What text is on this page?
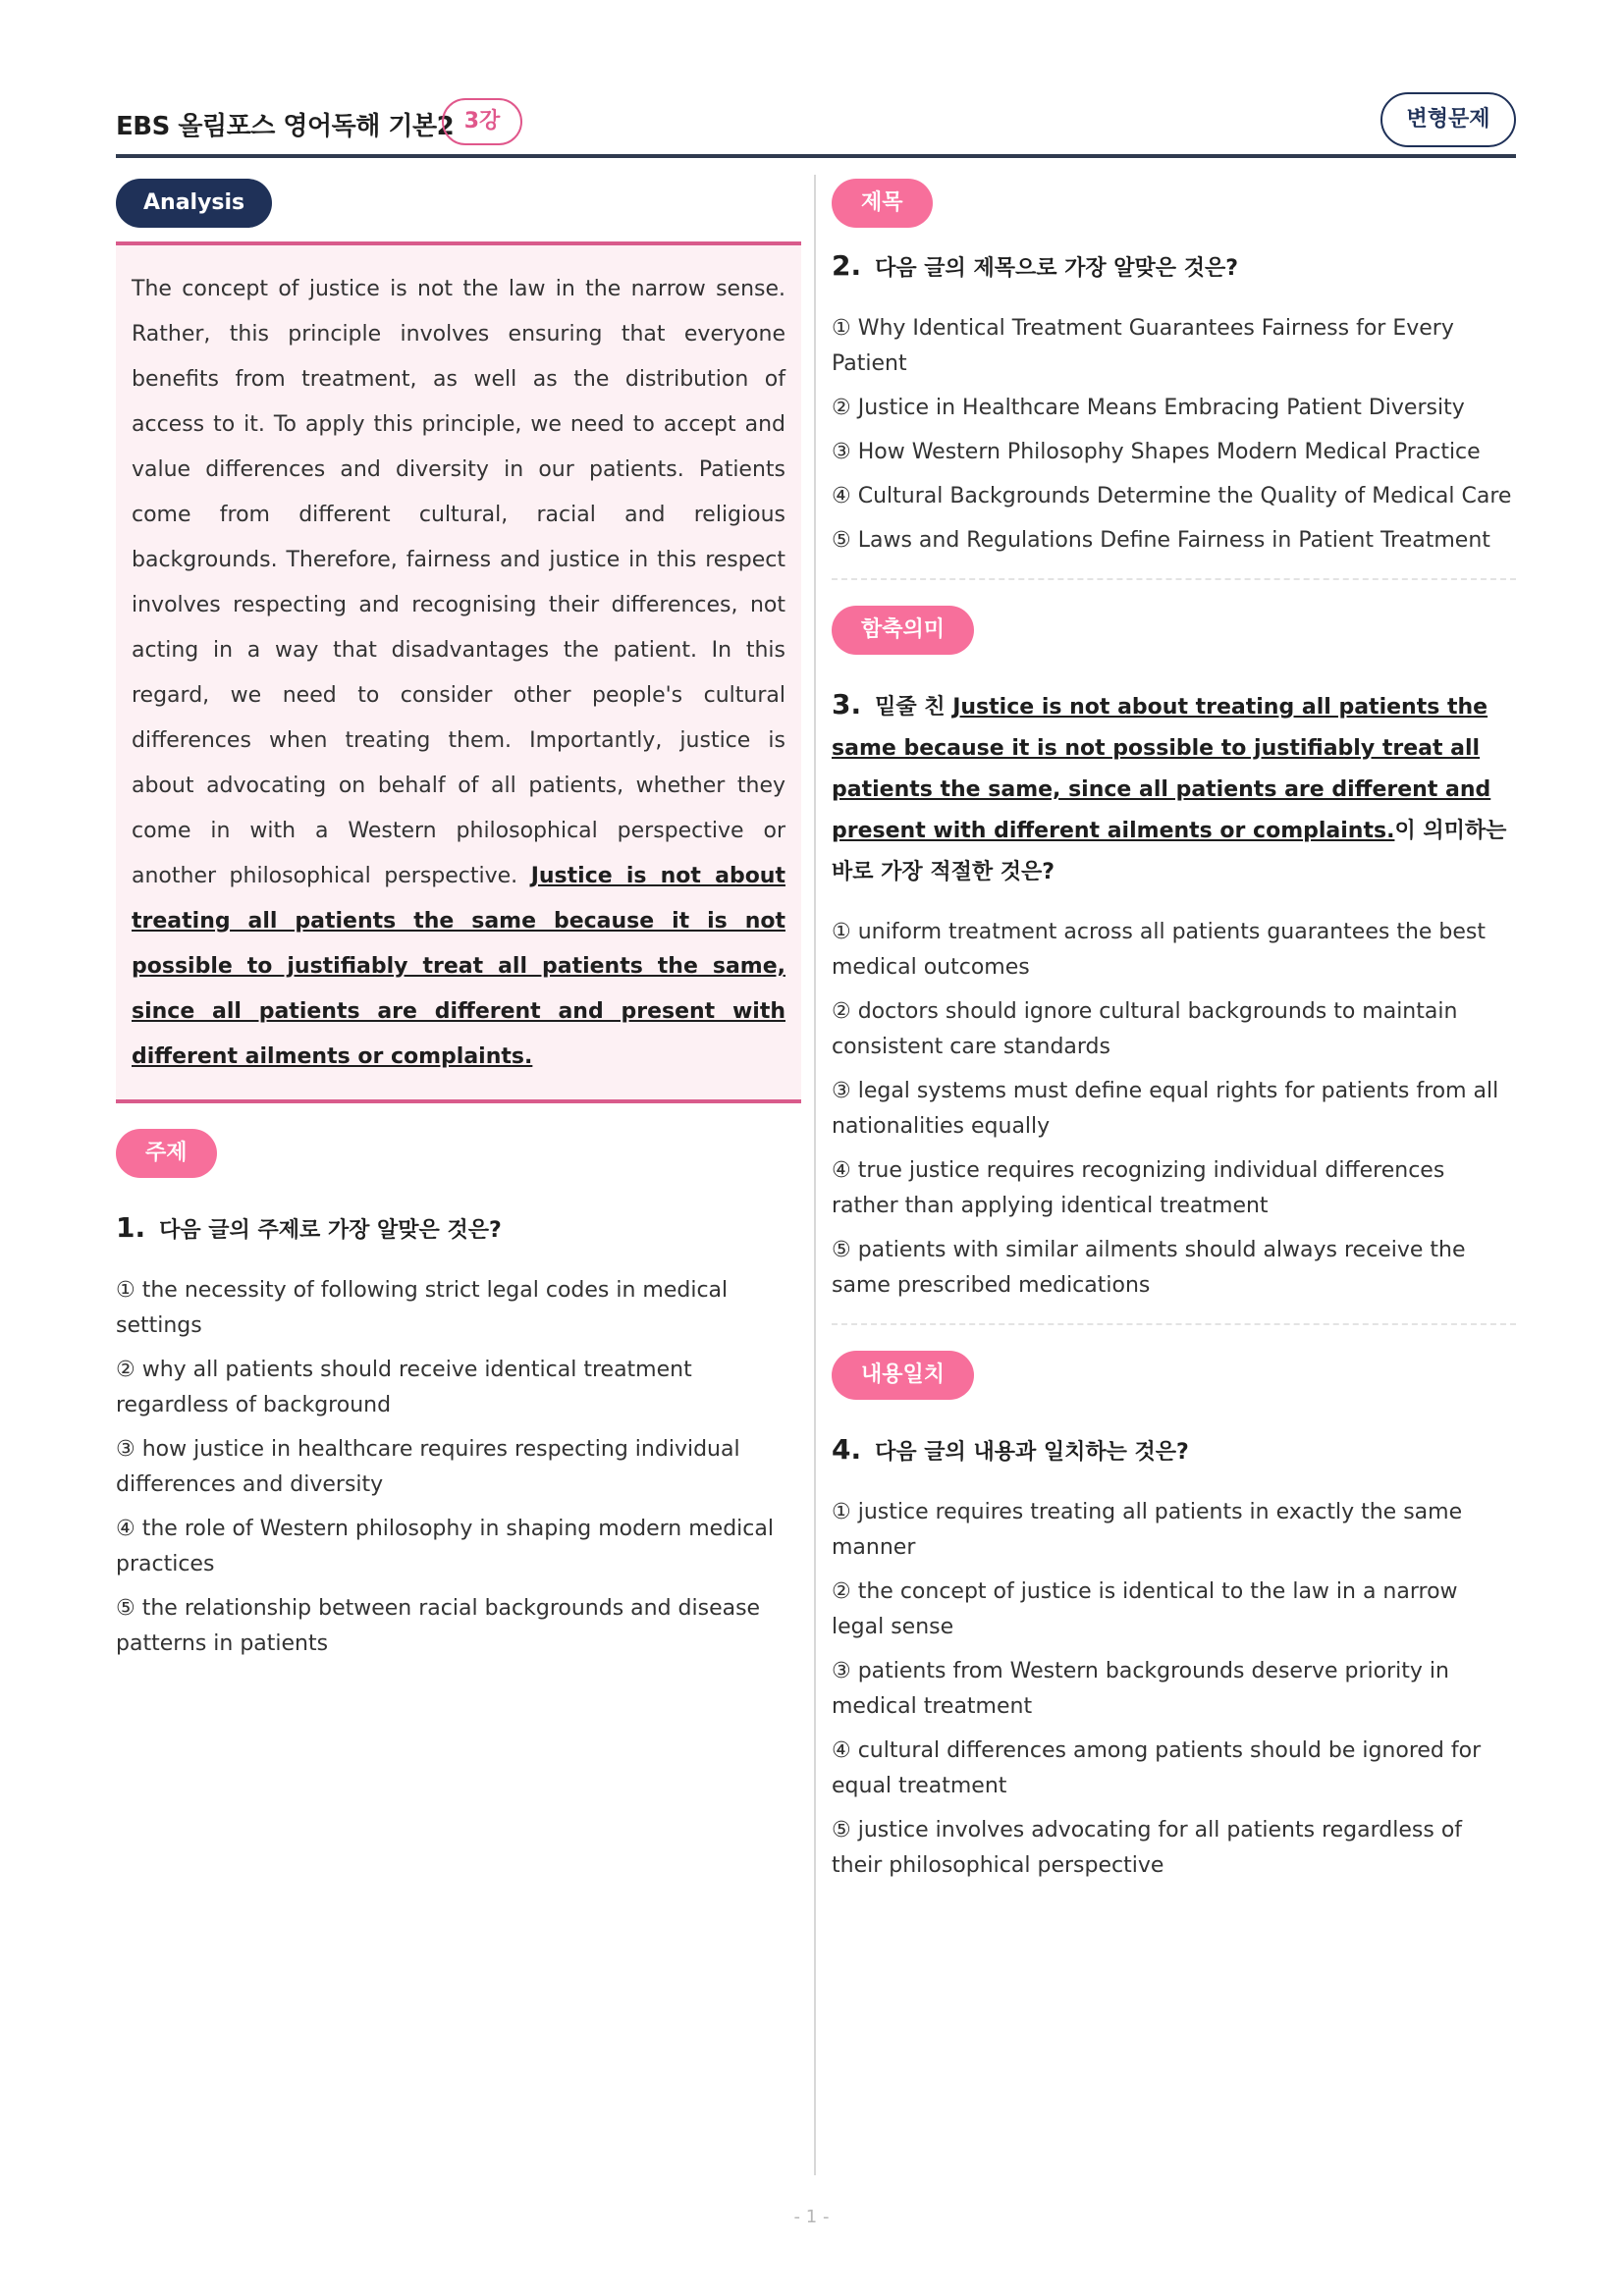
EBS 올림포스 영어독해 기본2 3강	변형문제
Analysis

The concept of justice is not the law in the narrow sense. Rather, this principle involves ensuring that everyone benefits from treatment, as well as the distribution of access to it. To apply this principle, we need to accept and value differences and diversity in our patients. Patients come from different cultural, racial and religious backgrounds. Therefore, fairness and justice in this respect involves respecting and recognising their differences, not acting in a way that disadvantages the patient. In this regard, we need to consider other people's cultural differences when treating them. Importantly, justice is about advocating on behalf of all patients, whether they come in with a Western philosophical perspective or another philosophical perspective. Justice is not about treating all patients the same because it is not possible to justifiably treat all patients the same, since all patients are different and present with different ailments or complaints.

주제
1. 다음 글의 주제로 가장 알맞은 것은?
① the necessity of following strict legal codes in medical settings
② why all patients should receive identical treatment regardless of background
③ how justice in healthcare requires respecting individual differences and diversity
④ the role of Western philosophy in shaping modern medical practices
⑤ the relationship between racial backgrounds and disease patterns in patients
제목
2. 다음 글의 제목으로 가장 알맞은 것은?
① Why Identical Treatment Guarantees Fairness for Every Patient
② Justice in Healthcare Means Embracing Patient Diversity
③ How Western Philosophy Shapes Modern Medical Practice
④ Cultural Backgrounds Determine the Quality of Medical Care
⑤ Laws and Regulations Define Fairness in Patient Treatment
함축의미
3. 밑줄 친 Justice is not about treating all patients the same because it is not possible to justifiably treat all patients the same, since all patients are different and present with different ailments or complaints.이 의미하는 바로 가장 적절한 것은?
① uniform treatment across all patients guarantees the best medical outcomes
② doctors should ignore cultural backgrounds to maintain consistent care standards
③ legal systems must define equal rights for patients from all nationalities equally
④ true justice requires recognizing individual differences rather than applying identical treatment
⑤ patients with similar ailments should always receive the same prescribed medications
내용일치
4. 다음 글의 내용과 일치하는 것은?
① justice requires treating all patients in exactly the same manner
② the concept of justice is identical to the law in a narrow legal sense
③ patients from Western backgrounds deserve priority in medical treatment
④ cultural differences among patients should be ignored for equal treatment
⑤ justice involves advocating for all patients regardless of their philosophical perspective
- 1 -
